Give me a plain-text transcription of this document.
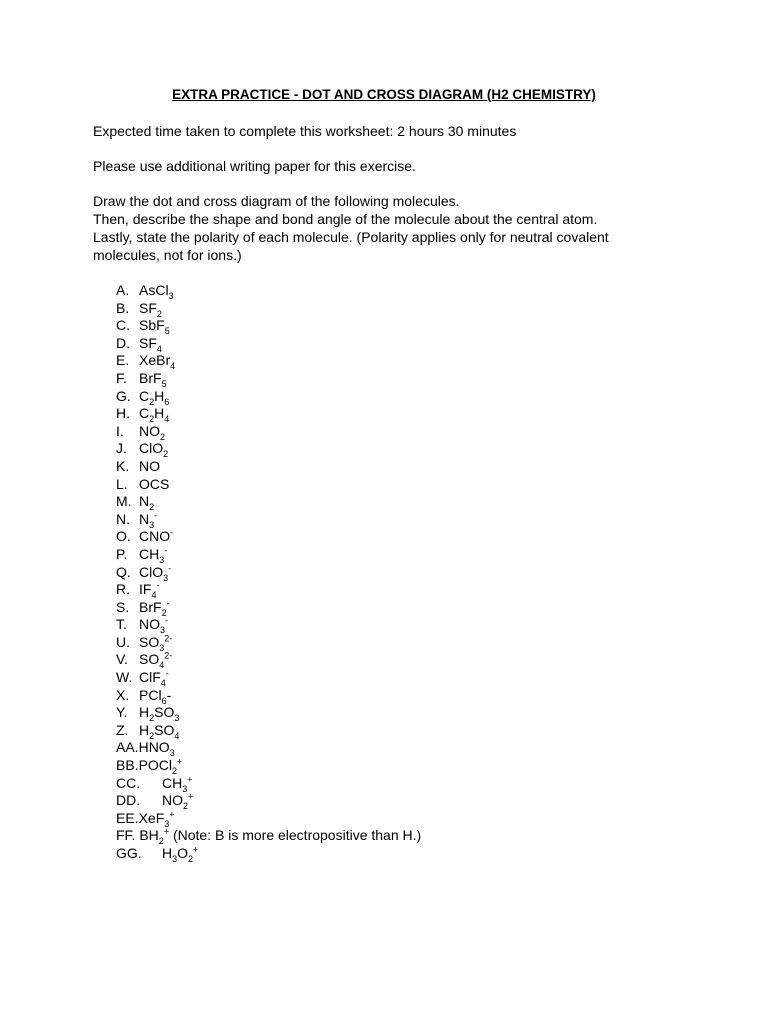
EXTRA PRACTICE - DOT AND CROSS DIAGRAM (H2 CHEMISTRY)
Expected time taken to complete this worksheet: 2 hours 30 minutes
Please use additional writing paper for this exercise.
Draw the dot and cross diagram of the following molecules.
Then, describe the shape and bond angle of the molecule about the central atom.
Lastly, state the polarity of each molecule. (Polarity applies only for neutral covalent molecules, not for ions.)
A. AsCl$_3$
B. $SF_2$
C. SbF$_5$
D. $SF_4$
E. XeBr$_4$
F. BrF$_5$
G. $C_2H_6$
H. $C_2H_4$
I. $NO_2$
J. ClO$_2$
K. NO
L. OCS
M. $N_2$
N. $N_3^-$
O. CNO-
P. $CH_3^-$
Q. ClO$_3$-
R. $IF_4^-$
S. BrF$_2$-
T. $NO_3^-$
U. $SO_3^{2-}$
V. $SO_4^{2-}$
W. ClF$_4$-
X. PCl$_6$-
Y. $H_2SO_3$
Z. $H_2SO_4$
$AA.HNO_3$
BB.POCl$_2$+
CC. $CH_3^+$
DD. $NO_2^+$
EE.XeF$_3$+
FF. $BH_2^+$ (Note: B is more electropositive than H.)
GG. $H_3O_2^+$
